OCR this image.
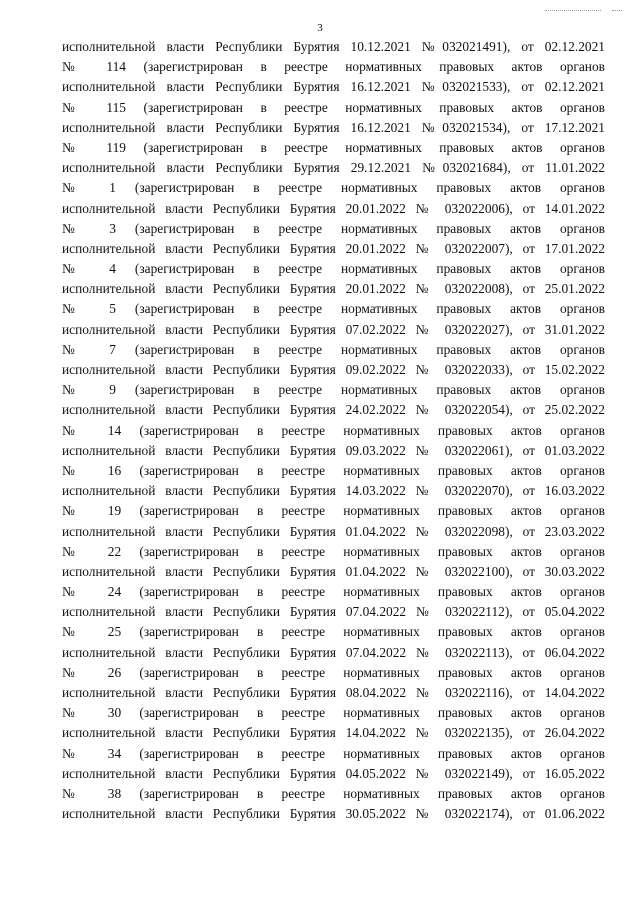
3
исполнительной власти Республики Бурятия 10.12.2021 №032021491), от 02.12.2021
№ 114 (зарегистрирован в реестре нормативных правовых актов органов
исполнительной власти Республики Бурятия 16.12.2021 №032021533), от 02.12.2021
№ 115 (зарегистрирован в реестре нормативных правовых актов органов
исполнительной власти Республики Бурятия 16.12.2021 №032021534), от 17.12.2021
№ 119 (зарегистрирован в реестре нормативных правовых актов органов
исполнительной власти Республики Бурятия 29.12.2021 №032021684), от 11.01.2022
№ 1 (зарегистрирован в реестре нормативных правовых актов органов
исполнительной власти Республики Бурятия 20.01.2022 № 032022006), от 14.01.2022
№ 3 (зарегистрирован в реестре нормативных правовых актов органов
исполнительной власти Республики Бурятия 20.01.2022 № 032022007), от 17.01.2022
№ 4 (зарегистрирован в реестре нормативных правовых актов органов
исполнительной власти Республики Бурятия 20.01.2022 № 032022008), от 25.01.2022
№ 5 (зарегистрирован в реестре нормативных правовых актов органов
исполнительной власти Республики Бурятия 07.02.2022 № 032022027), от 31.01.2022
№ 7 (зарегистрирован в реестре нормативных правовых актов органов
исполнительной власти Республики Бурятия 09.02.2022 № 032022033), от 15.02.2022
№ 9 (зарегистрирован в реестре нормативных правовых актов органов
исполнительной власти Республики Бурятия 24.02.2022 № 032022054), от 25.02.2022
№ 14 (зарегистрирован в реестре нормативных правовых актов органов
исполнительной власти Республики Бурятия 09.03.2022 № 032022061), от 01.03.2022
№ 16 (зарегистрирован в реестре нормативных правовых актов органов
исполнительной власти Республики Бурятия 14.03.2022 № 032022070), от 16.03.2022
№ 19 (зарегистрирован в реестре нормативных правовых актов органов
исполнительной власти Республики Бурятия 01.04.2022 № 032022098), от 23.03.2022
№ 22 (зарегистрирован в реестре нормативных правовых актов органов
исполнительной власти Республики Бурятия 01.04.2022 № 032022100), от 30.03.2022
№ 24 (зарегистрирован в реестре нормативных правовых актов органов
исполнительной власти Республики Бурятия 07.04.2022 № 032022112), от 05.04.2022
№ 25 (зарегистрирован в реестре нормативных правовых актов органов
исполнительной власти Республики Бурятия 07.04.2022 № 032022113), от 06.04.2022
№ 26 (зарегистрирован в реестре нормативных правовых актов органов
исполнительной власти Республики Бурятия 08.04.2022 № 032022116), от 14.04.2022
№ 30 (зарегистрирован в реестре нормативных правовых актов органов
исполнительной власти Республики Бурятия 14.04.2022 № 032022135), от 26.04.2022
№ 34 (зарегистрирован в реестре нормативных правовых актов органов
исполнительной власти Республики Бурятия 04.05.2022 № 032022149), от 16.05.2022
№ 38 (зарегистрирован в реестре нормативных правовых актов органов
исполнительной власти Республики Бурятия 30.05.2022 № 032022174), от 01.06.2022
